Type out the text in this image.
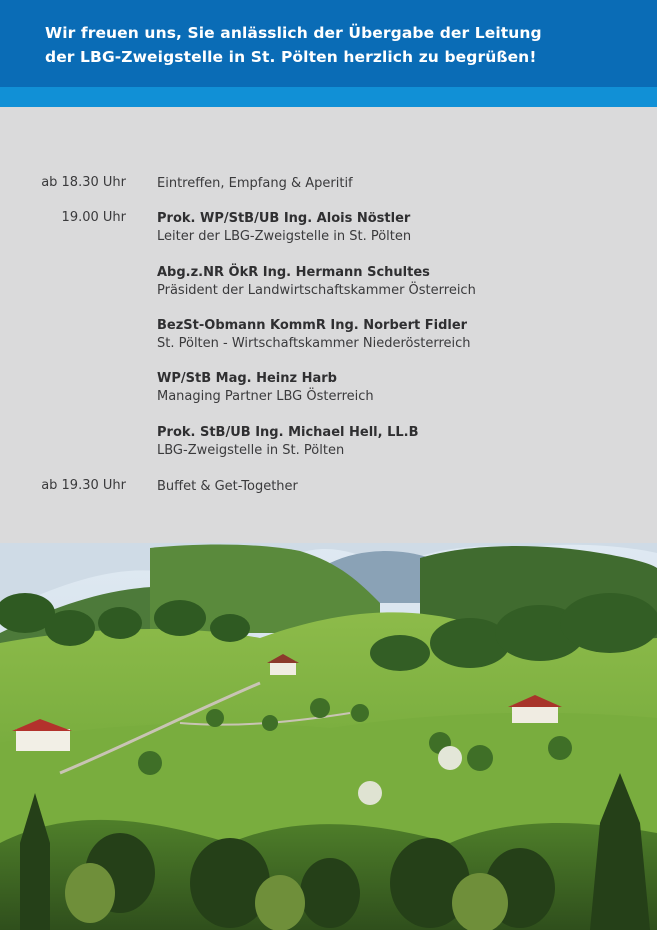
Wir freuen uns, Sie anlässlich der Übergabe der Leitung
der LBG-Zweigstelle in St. Pölten herzlich zu begrüßen!
ab 18.30 Uhr Eintreffen, Empfang & Aperitif
19.00 Uhr Prok. WP/StB/UB Ing. Alois Nöstler
Leiter der LBG-Zweigstelle in St. Pölten
Abg.z.NR ÖkR Ing. Hermann Schultes
Präsident der Landwirtschaftskammer Österreich
BezSt-Obmann KommR Ing. Norbert Fidler
St. Pölten - Wirtschaftskammer Niederösterreich
WP/StB Mag. Heinz Harb
Managing Partner LBG Österreich
Prok. StB/UB Ing. Michael Hell, LL.B
LBG-Zweigstelle in St. Pölten
ab 19.30 Uhr Buffet & Get-Together
